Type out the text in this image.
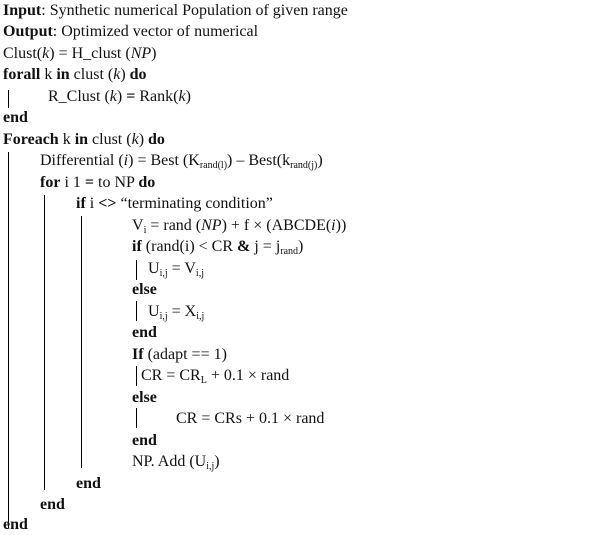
Input: Synthetic numerical Population of given range
Output: Optimized vector of numerical
Clust(k) = H_clust (NP)
forall k in clust (k) do
R_Clust (k) = Rank(k)
end
Foreach k in clust (k) do
Differential (i) = Best $(K_{rand(l)})$ – $Best(k_{rand(j)})$
for i 1 = to NP do
if i <> “terminating condition”
$V_i$ = rand (NP) + f × (ABCDE(i))
if (rand(i) < CR & $j = j_{rand}$)
$U_{i,j} = V_{i,j}$
else
$U_{i,j} = X_{i,j}$
end
If (adapt == 1)
CR = $CR_L + 0.1$ × rand
else
CR = CRs + 0.1 × rand
end
NP. Add $(U_{i,j})$
end
end
end
